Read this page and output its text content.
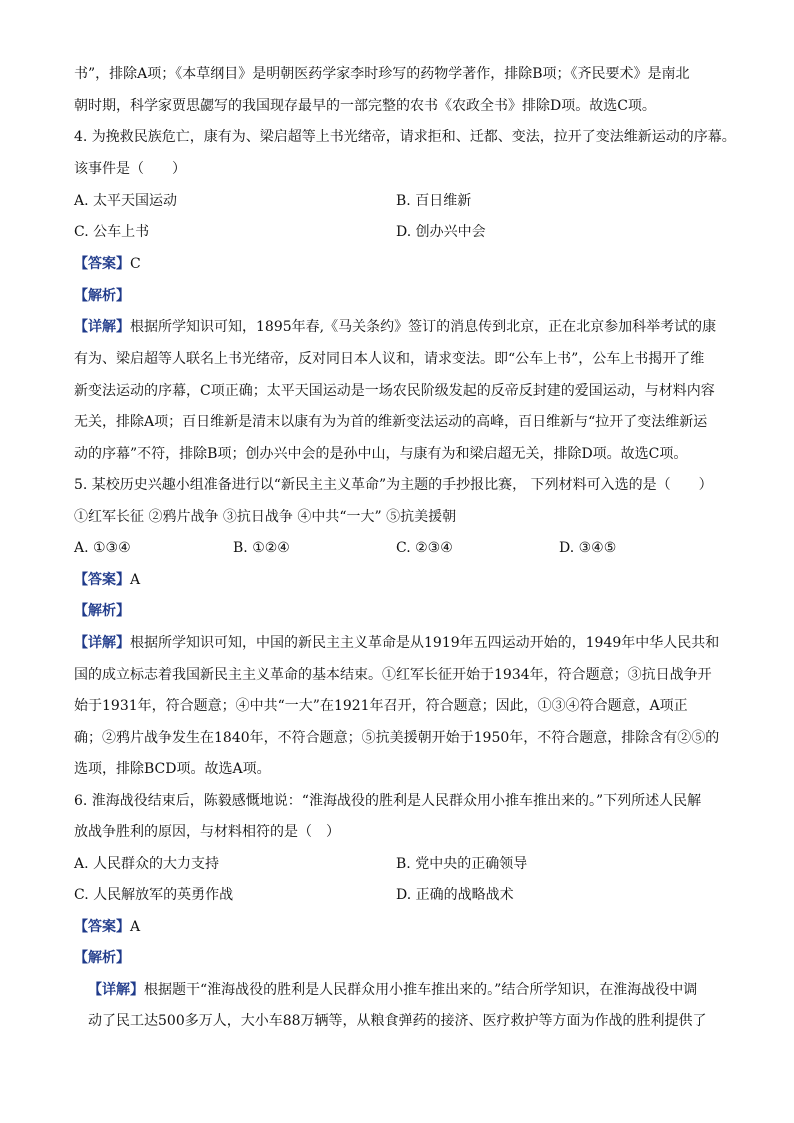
书”，排除A项；《本草纲目》是明朝医药学家李时珍写的药物学著作，排除B项；《齐民要术》是南北
朝时期，科学家贾思勰写的我国现存最早的一部完整的农书《农政全书》排除D项。故选C项。
4. 为挽救民族危亡，康有为、梁启超等上书光绪帝，请求拒和、迁都、变法，拉开了变法维新运动的序幕。
该事件是（　　）
A. 太平天国运动	B. 百日维新
C. 公车上书	D. 创办兴中会
【答案】C
【解析】
【详解】根据所学知识可知，1895年春,《马关条约》签订的消息传到北京，正在北京参加科举考试的康
有为、梁启超等人联名上书光绪帝，反对同日本人议和，请求变法。即“公车上书”，公车上书揭开了维
新变法运动的序幕，C项正确；太平天国运动是一场农民阶级发起的反帝反封建的爱国运动，与材料内容
无关，排除A项；百日维新是清末以康有为为首的维新变法运动的高峰，百日维新与“拉开了变法维新运
动的序幕”不符，排除B项；创办兴中会的是孙中山，与康有为和梁启超无关，排除D项。故选C项。
5. 某校历史兴趣小组准备进行以“新民主主义革命”为主题的手抄报比赛， 下列材料可入选的是（　　）
①红军长征 ②鸦片战争 ③抗日战争 ④中共“一大” ⑤抗美援朝
A. ①③④	B. ①②④	C. ②③④	D. ③④⑤
【答案】A
【解析】
【详解】根据所学知识可知，中国的新民主主义革命是从1919年五四运动开始的，1949年中华人民共和
国的成立标志着我国新民主主义革命的基本结束。①红军长征开始于1934年，符合题意；③抗日战争开
始于1931年，符合题意；④中共“一大”在1921年召开，符合题意；因此，①③④符合题意，A项正
确；②鸦片战争发生在1840年，不符合题意；⑤抗美援朝开始于1950年，不符合题意，排除含有②⑤的
选项，排除BCD项。故选A项。
6. 淮海战役结束后，陈毅感慨地说：“淮海战役的胜利是人民群众用小推车推出来的。”下列所述人民解
放战争胜利的原因，与材料相符的是（　）
A. 人民群众的大力支持	B. 党中央的正确领导
C. 人民解放军的英勇作战	D. 正确的战略战术
【答案】A
【解析】
【详解】根据题干“淮海战役的胜利是人民群众用小推车推出来的。”结合所学知识，在淮海战役中调
动了民工达500多万人，大小车88万辆等，从粮食弹药的接济、医疗救护等方面为作战的胜利提供了
